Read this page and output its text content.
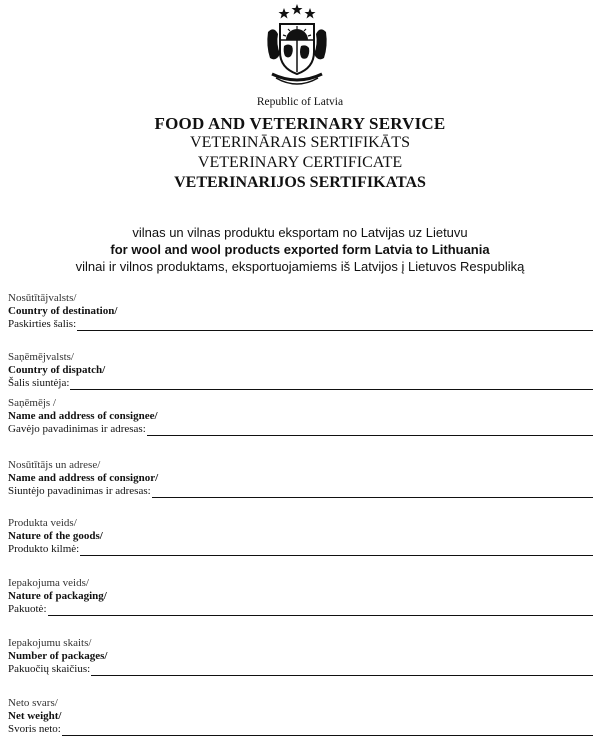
Republic of Latvia
FOOD AND VETERINARY SERVICE
VETERINĀRAIS SERTIFIKĀTS
VETERINARY CERTIFICATE
VETERINARIJOS SERTIFIKATAS
vilnas un vilnas produktu eksportam no Latvijas uz Lietuvu
for wool and wool products exported form Latvia to Lithuania
vilnai ir vilnos produktams, eksportuojamiems iš Latvijos į Lietuvos Respubliką
Nosūtītājvalsts/
Country of destination/
Paskirties šalis:
Saņēmējvalsts/
Country of dispatch/
Šalis siuntėja:
Saņēmējs /
Name and address of consignee/
Gavėjo pavadinimas ir adresas:
Nosūtītājs un adrese/
Name and address of consignor/
Siuntėjo pavadinimas ir adresas:
Produkta veids/
Nature of the goods/
Produkto kilmė:
Iepakojuma veids/
Nature of packaging/
Pakuotė:
Iepakojumu skaits/
Number of packages/
Pakuočių skaičius:
Neto svars/
Net weight/
Svoris neto:
